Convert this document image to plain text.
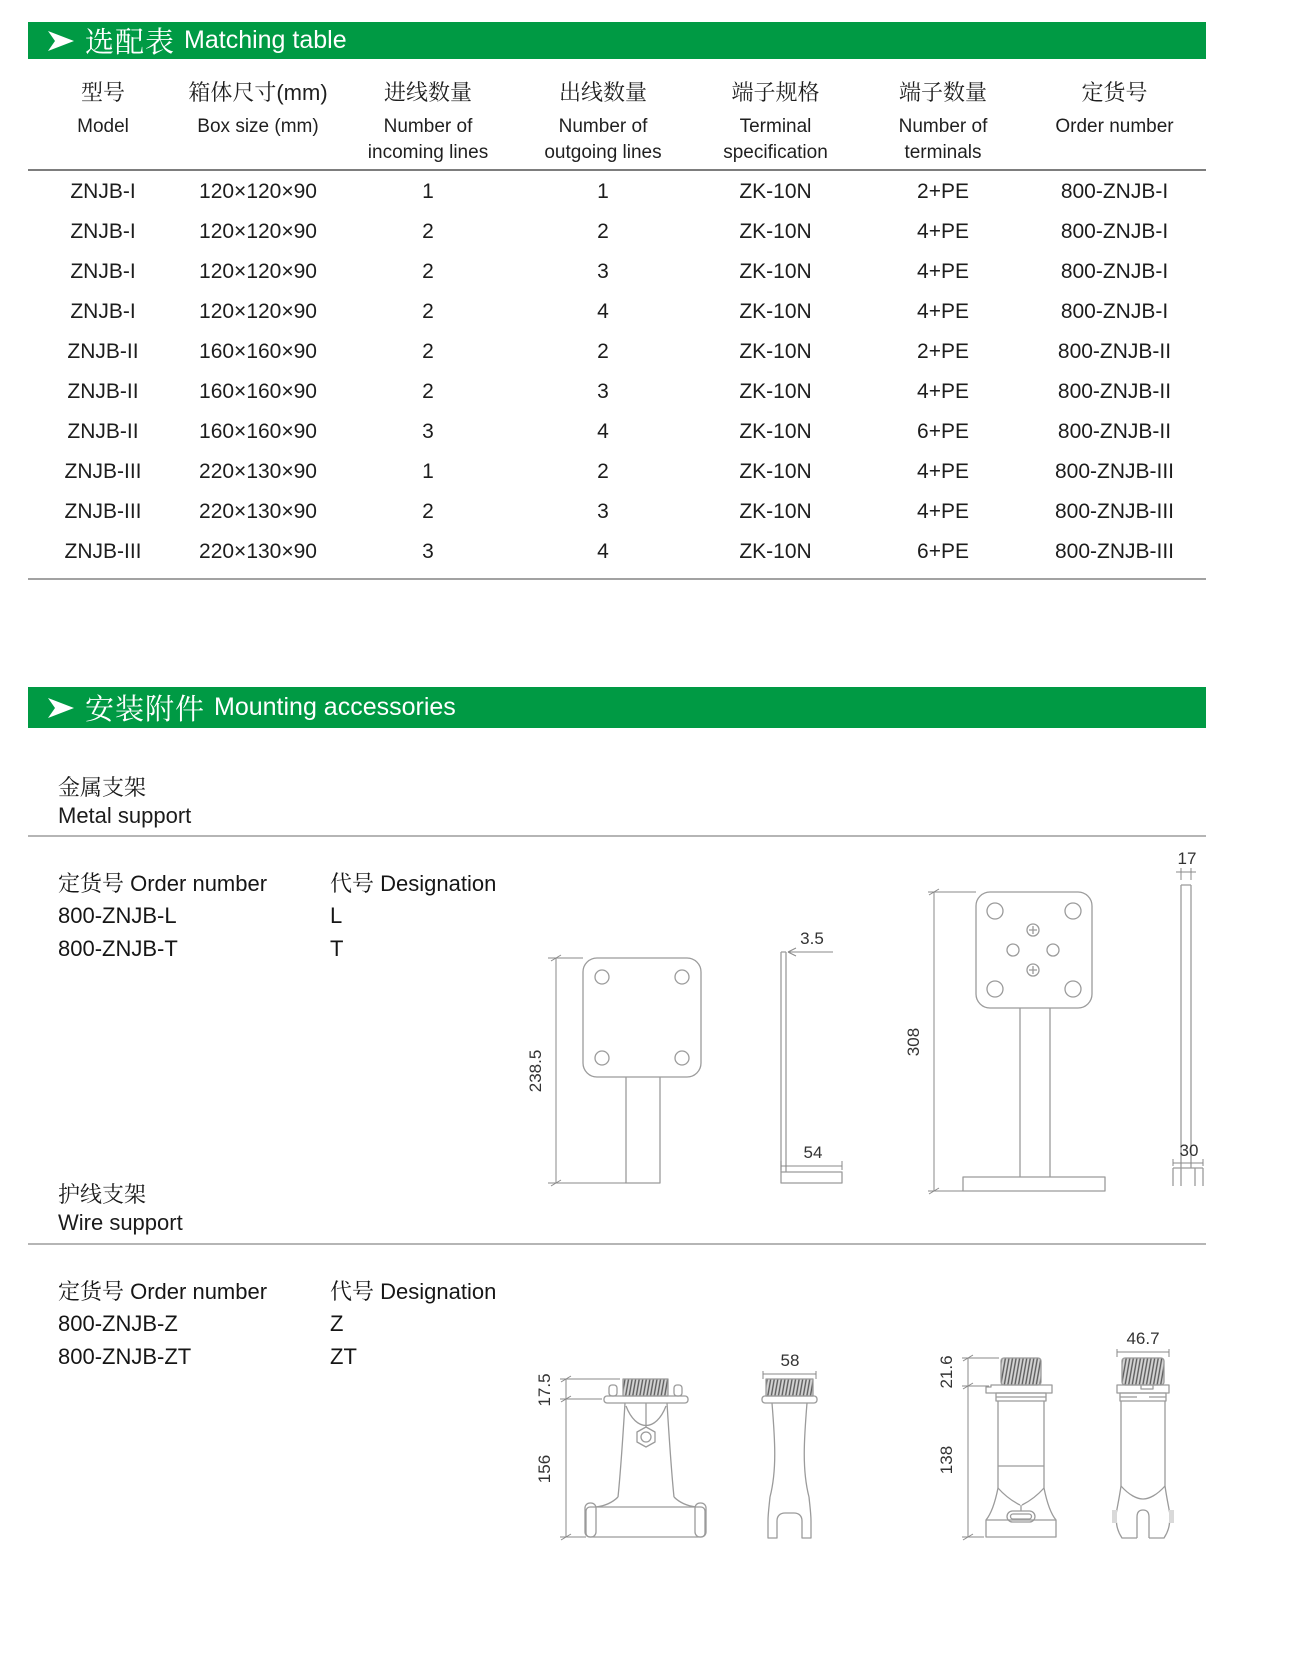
选配表 Matching table
型号
Model
箱体尺寸(mm)
Box size (mm)
进线数量
Number of incoming lines
出线数量
Number of outgoing lines
端子规格
Terminal specification
端子数量
Number of terminals
定货号
Order number
ZNJB-I	120×120×90	1	1	ZK-10N	2+PE	800-ZNJB-I
ZNJB-I	120×120×90	2	2	ZK-10N	4+PE	800-ZNJB-I
ZNJB-I	120×120×90	2	3	ZK-10N	4+PE	800-ZNJB-I
ZNJB-I	120×120×90	2	4	ZK-10N	4+PE	800-ZNJB-I
ZNJB-II	160×160×90	2	2	ZK-10N	2+PE	800-ZNJB-II
ZNJB-II	160×160×90	2	3	ZK-10N	4+PE	800-ZNJB-II
ZNJB-II	160×160×90	3	4	ZK-10N	6+PE	800-ZNJB-II
ZNJB-III	220×130×90	1	2	ZK-10N	4+PE	800-ZNJB-III
ZNJB-III	220×130×90	2	3	ZK-10N	4+PE	800-ZNJB-III
ZNJB-III	220×130×90	3	4	ZK-10N	6+PE	800-ZNJB-III
安装附件 Mounting accessories
金属支架
Metal support
定货号 Order number	代号 Designation
800-ZNJB-L	L
800-ZNJB-T	T
238.5
3.5
54
308
17
30
护线支架
Wire support
定货号 Order number	代号 Designation
800-ZNJB-Z	Z
800-ZNJB-ZT	ZT
17.5
156
58	21.6
138
46.7
